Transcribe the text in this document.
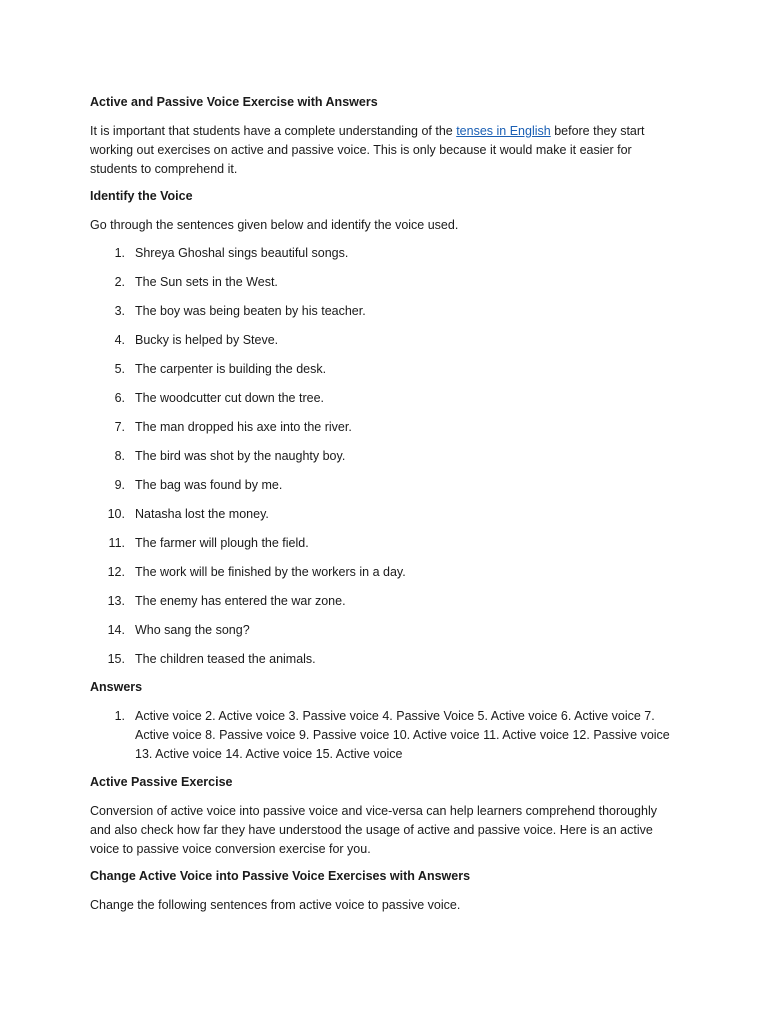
Active and Passive Voice Exercise with Answers

It is important that students have a complete understanding of the tenses in English before they start working out exercises on active and passive voice. This is only because it would make it easier for students to comprehend it.

Identify the Voice

Go through the sentences given below and identify the voice used.

1. Shreya Ghoshal sings beautiful songs.
2. The Sun sets in the West.
3. The boy was being beaten by his teacher.
4. Bucky is helped by Steve.
5. The carpenter is building the desk.
6. The woodcutter cut down the tree.
7. The man dropped his axe into the river.
8. The bird was shot by the naughty boy.
9. The bag was found by me.
10. Natasha lost the money.
11. The farmer will plough the field.
12. The work will be finished by the workers in a day.
13. The enemy has entered the war zone.
14. Who sang the song?
15. The children teased the animals.
Answers
1. Active voice 2. Active voice 3. Passive voice 4. Passive Voice 5. Active voice 6. Active voice 7. Active voice 8. Passive voice 9. Passive voice 10. Active voice 11. Active voice 12. Passive voice 13. Active voice 14. Active voice 15. Active voice
Active Passive Exercise

Conversion of active voice into passive voice and vice-versa can help learners comprehend thoroughly and also check how far they have understood the usage of active and passive voice. Here is an active voice to passive voice conversion exercise for you.

Change Active Voice into Passive Voice Exercises with Answers

Change the following sentences from active voice to passive voice.
